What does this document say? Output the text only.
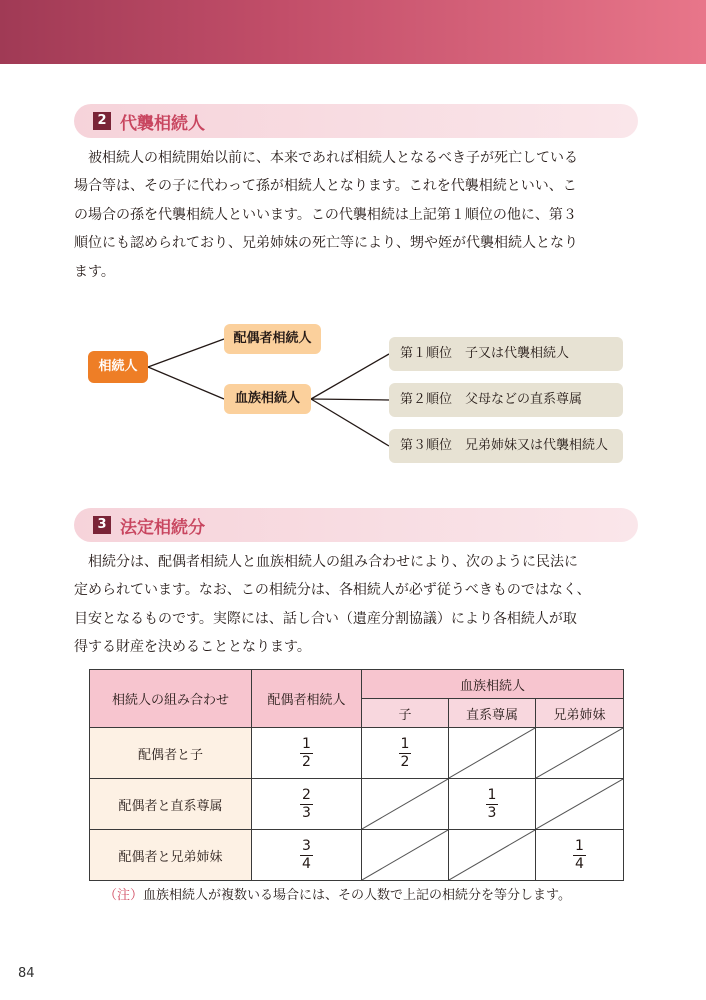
2 代襲相続人
被相続人の相続開始以前に、本来であれば相続人となるべき子が死亡している
場合等は、その子に代わって孫が相続人となります。これを代襲相続といい、こ
の場合の孫を代襲相続人といいます。この代襲相続は上記第１順位の他に、第３
順位にも認められており、兄弟姉妹の死亡等により、甥や姪が代襲相続人となり
ます。
相続人
配偶者相続人
血族相続人
第１順位　子又は代襲相続人
第２順位　父母などの直系尊属
第３順位　兄弟姉妹又は代襲相続人
3 法定相続分
相続分は、配偶者相続人と血族相続人の組み合わせにより、次のように民法に
定められています。なお、この相続分は、各相続人が必ず従うべきものではなく、
目安となるものです。実際には、話し合い（遺産分割協議）により各相続人が取
得する財産を決めることとなります。
相続人の組み合わせ	配偶者相続人	血族相続人		
		子	直系尊属	兄弟姉妹
配偶者と子	$\frac{1}{2}$	$\frac{1}{2}$

配偶者と直系尊属	$\frac{2}{3}$		$\frac{1}{3}$

配偶者と兄弟姉妹	$\frac{3}{4}$			$\frac{1}{4}$
（注）血族相続人が複数いる場合には、その人数で上記の相続分を等分します。
84
